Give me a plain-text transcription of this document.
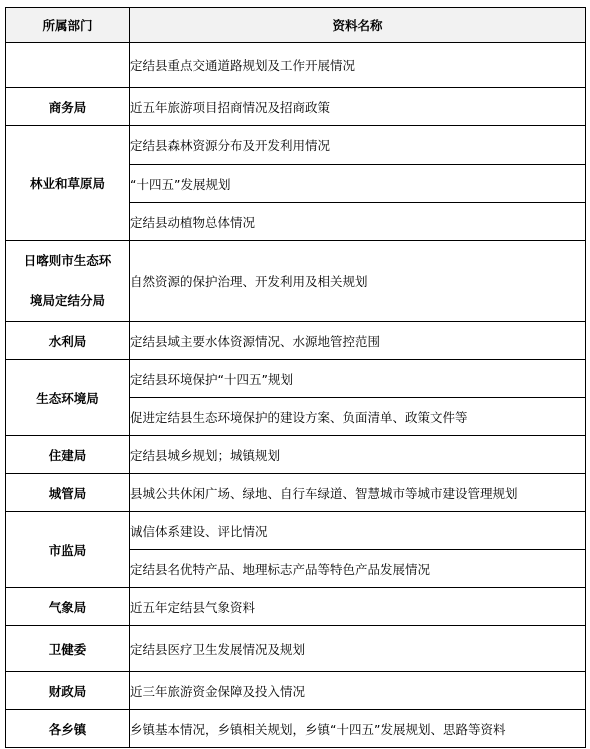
所属部门	资料名称
	定结县重点交通道路规划及工作开展情况
商务局	近五年旅游项目招商情况及招商政策
林业和草原局	定结县森林资源分布及开发利用情况
	“十四五”发展规划
	定结县动植物总体情况

日喀则市生态环
境局定结分局	自然资源的保护治理、开发利用及相关规划
水利局	定结县域主要水体资源情况、水源地管控范围
生态环境局	定结县环境保护“十四五”规划
	促进定结县生态环境保护的建设方案、负面清单、政策文件等
住建局	定结县城乡规划；城镇规划
城管局	县城公共休闲广场、绿地、自行车绿道、智慧城市等城市建设管理规划
市监局	诚信体系建设、评比情况
	定结县名优特产品、地理标志产品等特色产品发展情况
气象局	近五年定结县气象资料
卫健委	定结县医疗卫生发展情况及规划
财政局	近三年旅游资金保障及投入情况
各乡镇	乡镇基本情况，乡镇相关规划，乡镇“十四五”发展规划、思路等资料
